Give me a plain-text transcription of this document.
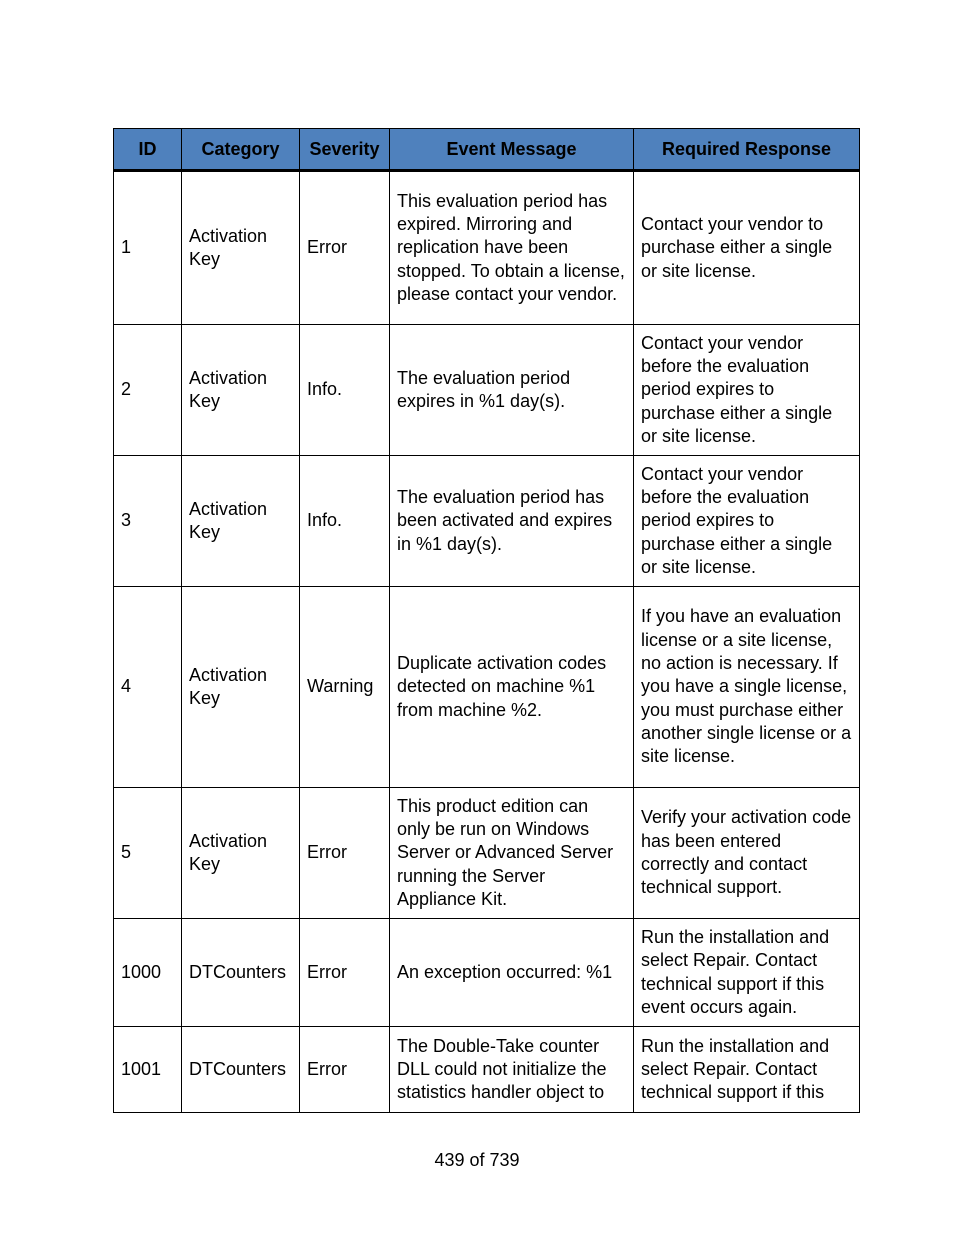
ID	Category	Severity	Event Message	Required Response
1	Activation Key	Error	This evaluation period has expired. Mirroring and replication have been stopped. To obtain a license, please contact your vendor.	Contact your vendor to purchase either a single or site license.
2	Activation Key	Info.	The evaluation period expires in %1 day(s).	Contact your vendor before the evaluation period expires to purchase either a single or site license.
3	Activation Key	Info.	The evaluation period has been activated and expires in %1 day(s).	Contact your vendor before the evaluation period expires to purchase either a single or site license.
4	Activation Key	Warning	Duplicate activation codes detected on machine %1 from machine %2.	If you have an evaluation license or a site license, no action is necessary. If you have a single license, you must purchase either another single license or a site license.
5	Activation Key	Error	This product edition can only be run on Windows Server or Advanced Server running the Server Appliance Kit.	Verify your activation code has been entered correctly and contact technical support.
1000	DTCounters	Error	An exception occurred: %1	Run the installation and select Repair. Contact technical support if this event occurs again.
1001	DTCounters	Error	The Double-Take counter DLL could not initialize the statistics handler object to	Run the installation and select Repair. Contact technical support if this
439 of 739
